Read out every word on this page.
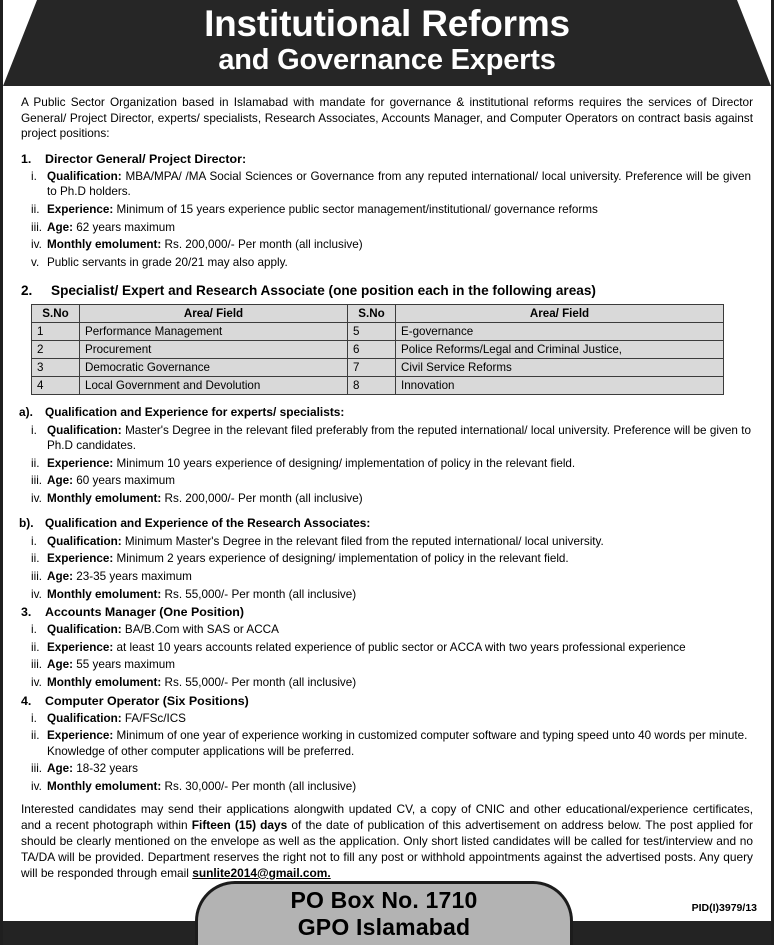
Institutional Reforms
and Governance Experts

A Public Sector Organization based in Islamabad with mandate for governance & institutional reforms requires the services of Director General/ Project Director, experts/ specialists, Research Associates, Accounts Manager, and Computer Operators on contract basis against project positions:

1.	Director General/ Project Director:
i. Qualification: MBA/MPA/ /MA Social Sciences or Governance from any reputed international/ local university. Preference will be given to Ph.D holders.
ii. Experience: Minimum of 15 years experience public sector management/institutional/ governance reforms
iii. Age: 62 years maximum
iv. Monthly emolument: Rs. 200,000/- Per month (all inclusive)
v. Public servants in grade 20/21 may also apply.
2.	Specialist/ Expert and Research Associate (one position each in the following areas)
S.No	Area/ Field	S.No	Area/ Field
1	Performance Management	5	E-governance
2	Procurement	6	Police Reforms/Legal and Criminal Justice,
3	Democratic Governance	7	Civil Service Reforms
4	Local Government and Devolution	8	Innovation
a).	Qualification and Experience for experts/ specialists:
i. Qualification: Master's Degree in the relevant filed preferably from the reputed international/ local university. Preference will be given to Ph.D candidates.
ii. Experience: Minimum 10 years experience of designing/ implementation of policy in the relevant field.
iii. Age: 60 years maximum
iv. Monthly emolument: Rs. 200,000/- Per month (all inclusive)
b). Qualification and Experience of the Research Associates:
i. Qualification: Minimum Master's Degree in the relevant filed from the reputed international/ local university.
ii. Experience: Minimum 2 years experience of designing/ implementation of policy in the relevant field.
iii. Age: 23-35 years maximum
iv. Monthly emolument: Rs. 55,000/- Per month (all inclusive)
3.	Accounts Manager (One Position)
i. Qualification: BA/B.Com with SAS or ACCA
ii. Experience: at least 10 years accounts related experience of public sector or ACCA with two years professional experience
iii. Age: 55 years maximum
iv. Monthly emolument: Rs. 55,000/- Per month (all inclusive)
4.	Computer Operator (Six Positions)
i. Qualification: FA/FSc/ICS
ii. Experience: Minimum of one year of experience working in customized computer software and typing speed unto 40 words per minute. Knowledge of other computer applications will be preferred.
iii. Age: 18-32 years
iv. Monthly emolument: Rs. 30,000/- Per month (all inclusive)

Interested candidates may send their applications alongwith updated CV, a copy of CNIC and other educational/experience certificates, and a recent photograph within Fifteen (15) days of the date of publication of this advertisement on address below. The post applied for should be clearly mentioned on the envelope as well as the application. Only short listed candidates will be called for test/interview and no TA/DA will be provided. Department reserves the right not to fill any post or withhold appointments against the advertised posts. Any query will be responded through email sunlite2014@gmail.com.

PO Box No. 1710
GPO Islamabad
PID(I)3979/13
